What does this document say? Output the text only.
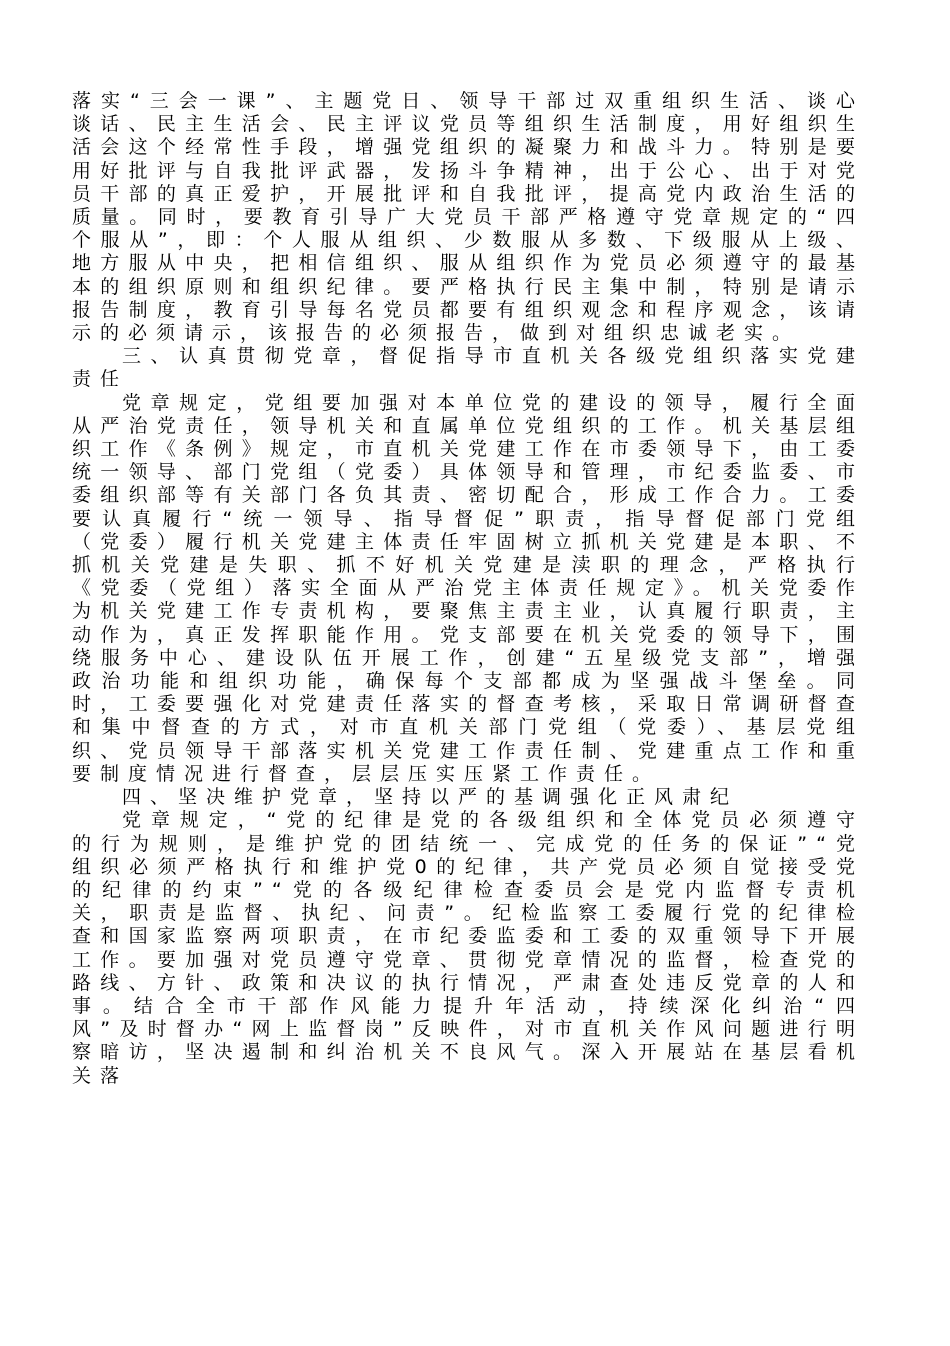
落实“三会一课”、主题党日、领导干部过双重组织生活、谈心谈话、民主生活会、民主评议党员等组织生活制度，用好组织生活会这个经常性手段，增强党组织的凝聚力和战斗力。特别是要用好批评与自我批评武器，发扬斗争精神，出于公心、出于对党员干部的真正爱护，开展批评和自我批评，提高党内政治生活的质量。同时，要教育引导广大党员干部严格遵守党章规定的“四个服从”，即：个人服从组织、少数服从多数、下级服从上级、地方服从中央，把相信组织、服从组织作为党员必须遵守的最基本的组织原则和组织纪律。要严格执行民主集中制，特别是请示报告制度，教育引导每名党员都要有组织观念和程序观念，该请示的必须请示，该报告的必须报告，做到对组织忠诚老实。

三、认真贯彻党章，督促指导市直机关各级党组织落实党建责任

党章规定，党组要加强对本单位党的建设的领导，履行全面从严治党责任，领导机关和直属单位党组织的工作。机关基层组织工作《条例》规定，市直机关党建工作在市委领导下，由工委统一领导、部门党组（党委）具体领导和管理，市纪委监委、市委组织部等有关部门各负其责、密切配合，形成工作合力。工委要认真履行“统一领导、指导督促”职责，指导督促部门党组（党委）履行机关党建主体责任牢固树立抓机关党建是本职、不抓机关党建是失职、抓不好机关党建是渎职的理念，严格执行《党委（党组）落实全面从严治党主体责任规定》。机关党委作为机关党建工作专责机构，要聚焦主责主业，认真履行职责，主动作为，真正发挥职能作用。党支部要在机关党委的领导下，围绕服务中心、建设队伍开展工作，创建“五星级党支部”，增强政治功能和组织功能，确保每个支部都成为坚强战斗堡垒。同时，工委要强化对党建责任落实的督查考核，采取日常调研督查和集中督查的方式，对市直机关部门党组（党委）、基层党组织、党员领导干部落实机关党建工作责任制、党建重点工作和重要制度情况进行督查，层层压实压紧工作责任。

四、坚决维护党章，坚持以严的基调强化正风肃纪

党章规定，“党的纪律是党的各级组织和全体党员必须遵守的行为规则，是维护党的团结统一、完成党的任务的保证”“党组织必须严格执行和维护党0的纪律，共产党员必须自觉接受党的纪律的约束”“党的各级纪律检查委员会是党内监督专责机关，职责是监督、执纪、问责”。纪检监察工委履行党的纪律检查和国家监察两项职责，在市纪委监委和工委的双重领导下开展工作。要加强对党员遵守党章、贯彻党章情况的监督，检查党的路线、方针、政策和决议的执行情况，严肃查处违反党章的人和事。结合全市干部作风能力提升年活动，持续深化纠治“四风”及时督办“网上监督岗”反映件，对市直机关作风问题进行明察暗访，坚决遏制和纠治机关不良风气。深入开展站在基层看机关落
